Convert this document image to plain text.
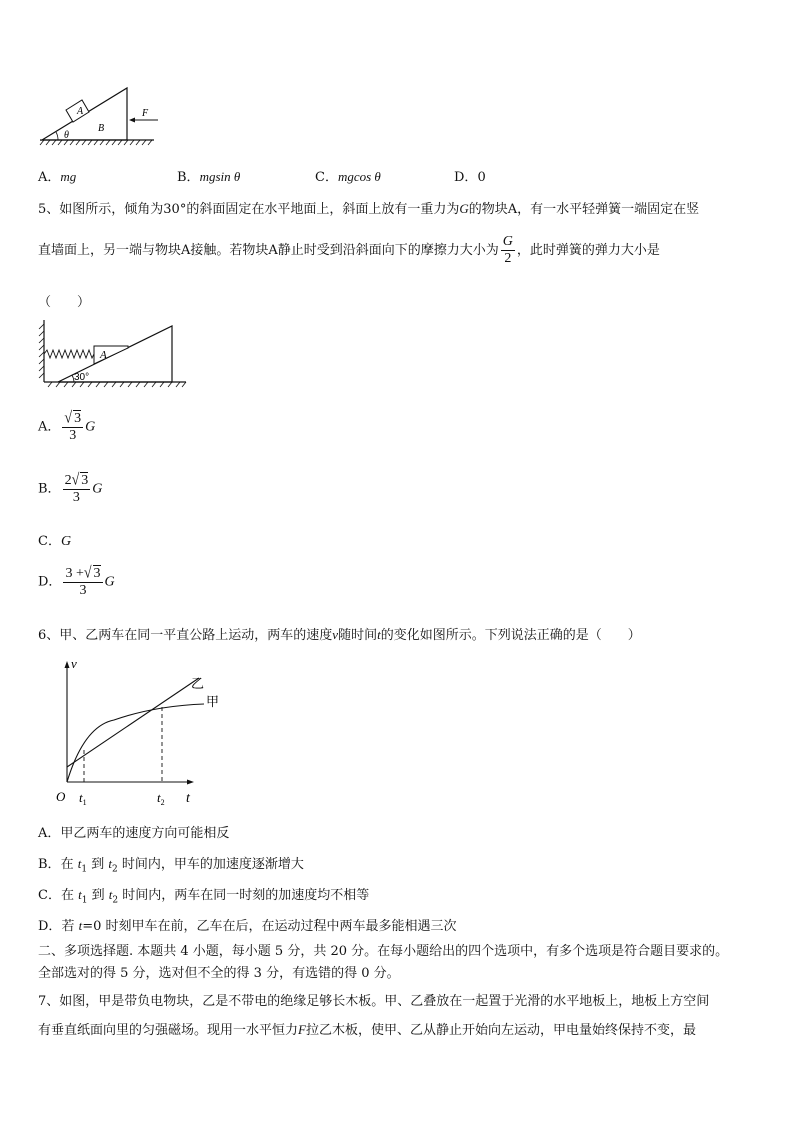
A
B
θ
F
A．mg	B．mgsin θ	C．mgcos θ	D．0
5、如图所示，倾角为30°的斜面固定在水平地面上，斜面上放有一重力为G的物块A，有一水平轻弹簧一端固定在竖
直墙面上，另一端与物块A接触。若物块A静止时受到沿斜面向下的摩擦力大小为 $\frac{G}{2}$ ，此时弹簧的弹力大小是
（　　）
A
30°
A． $\frac{√ 3}{3}$ G
B． $\frac{2√ 3}{3}$ G
C．G
D． $\frac{3 +√ 3}{3}$ G
6、甲、乙两车在同一平直公路上运动，两车的速度v随时间t的变化如图所示。下列说法正确的是（　　）
v
t
O $t_1$	$t_2$
乙
甲
A．甲乙两车的速度方向可能相反
B．在 $t_1$ 到 $t_2$ 时间内，甲车的加速度逐渐增大
C．在 $t_1$ 到 $t_2$ 时间内，两车在同一时刻的加速度均不相等
D．若 t=0 时刻甲车在前，乙车在后，在运动过程中两车最多能相遇三次
二、多项选择题. 本题共 4 小题，每小题 5 分，共 20 分。在每小题给出的四个选项中，有多个选项是符合题目要求的。
全部选对的得 5 分，选对但不全的得 3 分，有选错的得 0 分。
7、如图，甲是带负电物块，乙是不带电的绝缘足够长木板。甲、乙叠放在一起置于光滑的水平地板上，地板上方空间
有垂直纸面向里的匀强磁场。现用一水平恒力F拉乙木板，使甲、乙从静止开始向左运动，甲电量始终保持不变，最
